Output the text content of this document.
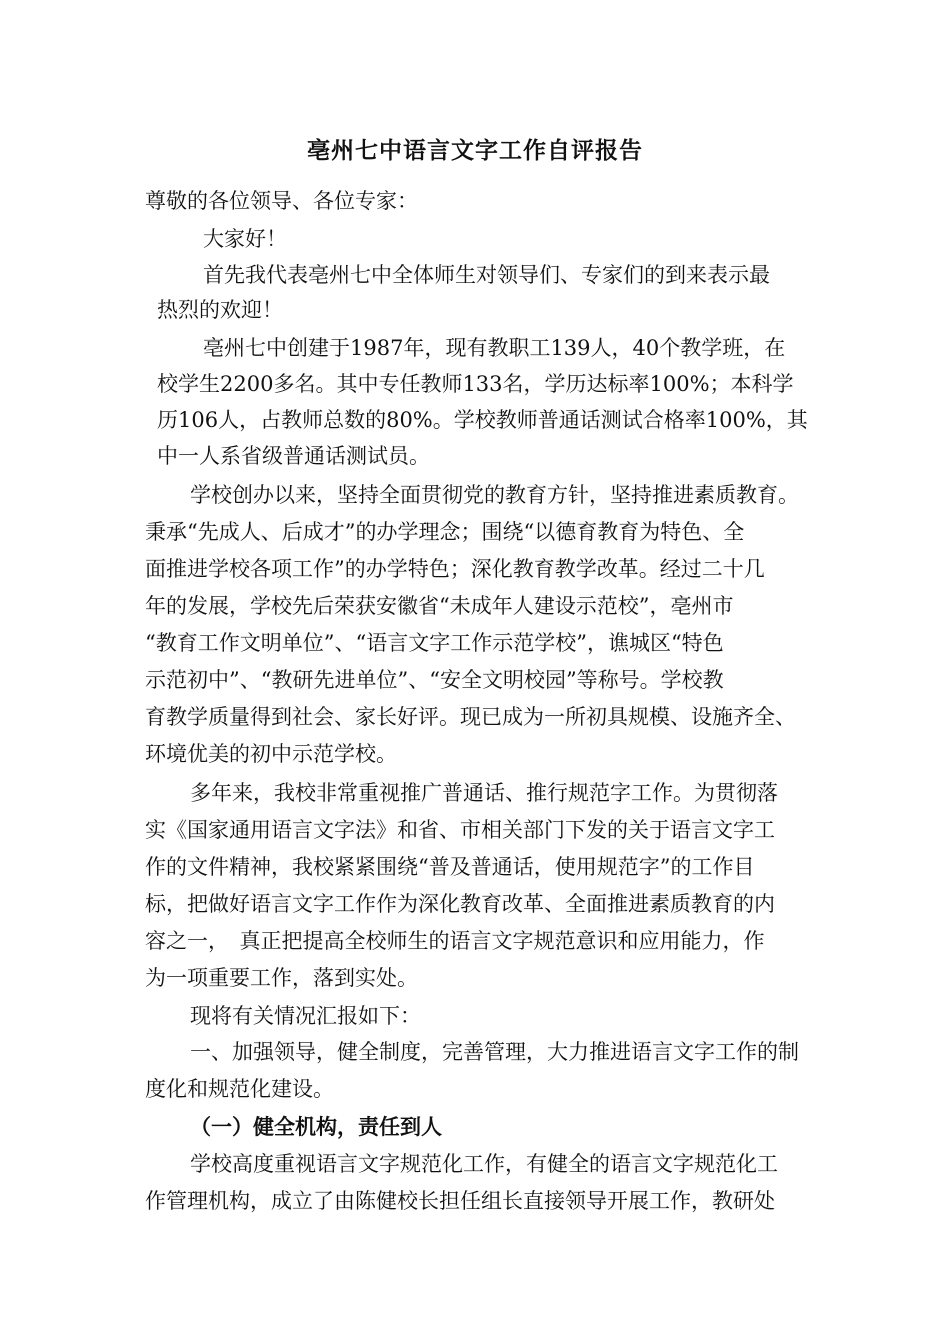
亳州七中语言文字工作自评报告

尊敬的各位领导、各位专家：

大家好！

首先我代表亳州七中全体师生对领导们、专家们的到来表示最

热烈的欢迎！

亳州七中创建于1987年，现有教职工139人，40个教学班，在

校学生2200多名。其中专任教师133名，学历达标率100%；本科学

历106人，占教师总数的80%。学校教师普通话测试合格率100%，其

中一人系省级普通话测试员。

学校创办以来，坚持全面贯彻党的教育方针，坚持推进素质教育。

秉承“先成人、后成才”的办学理念；围绕“以德育教育为特色、全

面推进学校各项工作”的办学特色；深化教育教学改革。经过二十几

年的发展，学校先后荣获安徽省“未成年人建设示范校”，亳州市

“教育工作文明单位”、“语言文字工作示范学校”，谯城区“特色

示范初中”、“教研先进单位”、“安全文明校园”等称号。学校教

育教学质量得到社会、家长好评。现已成为一所初具规模、设施齐全、

环境优美的初中示范学校。

多年来，我校非常重视推广普通话、推行规范字工作。为贯彻落

实《国家通用语言文字法》和省、市相关部门下发的关于语言文字工

作的文件精神，我校紧紧围绕“普及普通话，使用规范字”的工作目

标，把做好语言文字工作作为深化教育改革、全面推进素质教育的内

容之一，　真正把提高全校师生的语言文字规范意识和应用能力，作

为一项重要工作，落到实处。

现将有关情况汇报如下：

一、加强领导，健全制度，完善管理，大力推进语言文字工作的制

度化和规范化建设。

（一）健全机构，责任到人

学校高度重视语言文字规范化工作，有健全的语言文字规范化工

作管理机构，成立了由陈健校长担任组长直接领导开展工作，教研处
